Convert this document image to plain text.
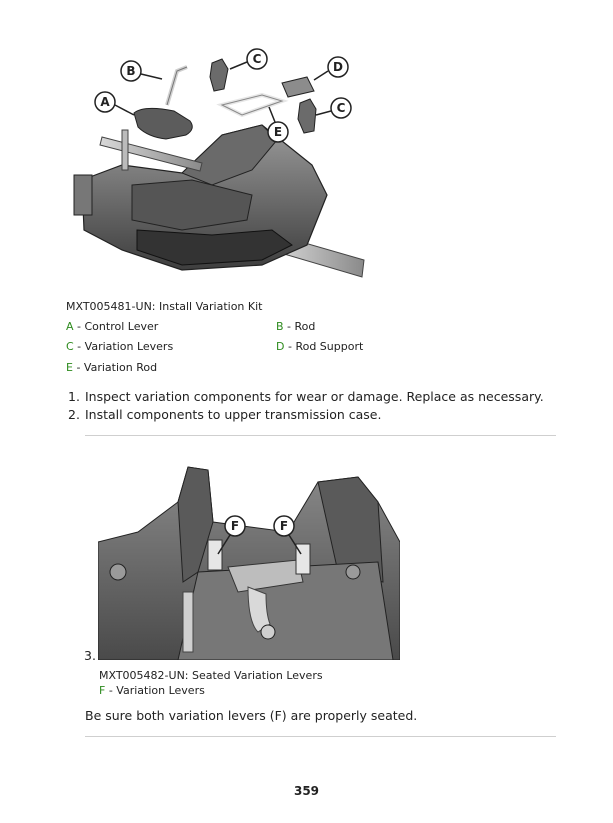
A
B
C
D
C
E
MXT005481-UN: Install Variation Kit
A - Control Lever	B - Rod
C - Variation Levers	D - Rod Support
E - Variation Rod
1. Inspect variation components for wear or damage. Replace as necessary.
2. Install components to upper transmission case.
F	F
3.
MXT005482-UN: Seated Variation Levers
F - Variation Levers
Be sure both variation levers (F) are properly seated.
359
